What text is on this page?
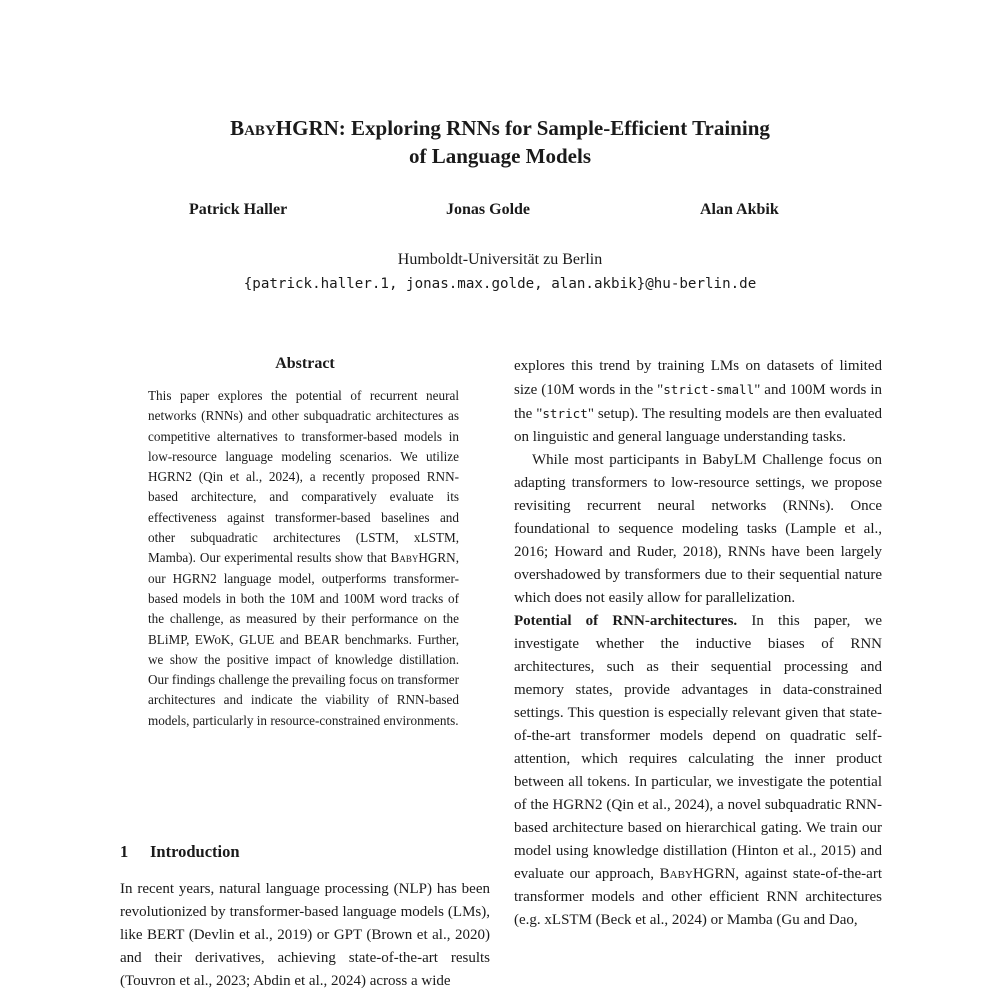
BabyHGRN: Exploring RNNs for Sample-Efficient Training
of Language Models
Patrick Haller	Jonas Golde	Alan Akbik
Humboldt-Universität zu Berlin
{patrick.haller.1, jonas.max.golde, alan.akbik}@hu-berlin.de
Abstract
This paper explores the potential of recurrent neural networks (RNNs) and other subquadratic architectures as competitive alternatives to transformer-based models in low-resource language modeling scenarios. We utilize HGRN2 (Qin et al., 2024), a recently proposed RNN-based architecture, and comparatively evaluate its effectiveness against transformer-based baselines and other subquadratic architectures (LSTM, xLSTM, Mamba). Our experimental results show that BabyHGRN, our HGRN2 language model, outperforms transformer-based models in both the 10M and 100M word tracks of the challenge, as measured by their performance on the BLiMP, EWoK, GLUE and BEAR benchmarks. Further, we show the positive impact of knowledge distillation. Our findings challenge the prevailing focus on transformer architectures and indicate the viability of RNN-based models, particularly in resource-constrained environments.
1 Introduction
In recent years, natural language processing (NLP) has been revolutionized by transformer-based language models (LMs), like BERT (Devlin et al., 2019) or GPT (Brown et al., 2020) and their derivatives, achieving state-of-the-art results (Touvron et al., 2023; Abdin et al., 2024) across a wide

explores this trend by training LMs on datasets of limited size (10M words in the "strict-small" and 100M words in the "strict" setup). The resulting models are then evaluated on linguistic and general language understanding tasks.

While most participants in BabyLM Challenge focus on adapting transformers to low-resource settings, we propose revisiting recurrent neural networks (RNNs). Once foundational to sequence modeling tasks (Lample et al., 2016; Howard and Ruder, 2018), RNNs have been largely overshadowed by transformers due to their sequential nature which does not easily allow for parallelization.

Potential of RNN-architectures. In this paper, we investigate whether the inductive biases of RNN architectures, such as their sequential processing and memory states, provide advantages in data-constrained settings. This question is especially relevant given that state-of-the-art transformer models depend on quadratic self-attention, which requires calculating the inner product between all tokens. In particular, we investigate the potential of the HGRN2 (Qin et al., 2024), a novel subquadratic RNN-based architecture based on hierarchical gating. We train our model using knowledge distillation (Hinton et al., 2015) and evaluate our approach, BabyHGRN, against state-of-the-art transformer models and other efficient RNN architectures (e.g. xLSTM (Beck et al., 2024) or Mamba (Gu and Dao,
